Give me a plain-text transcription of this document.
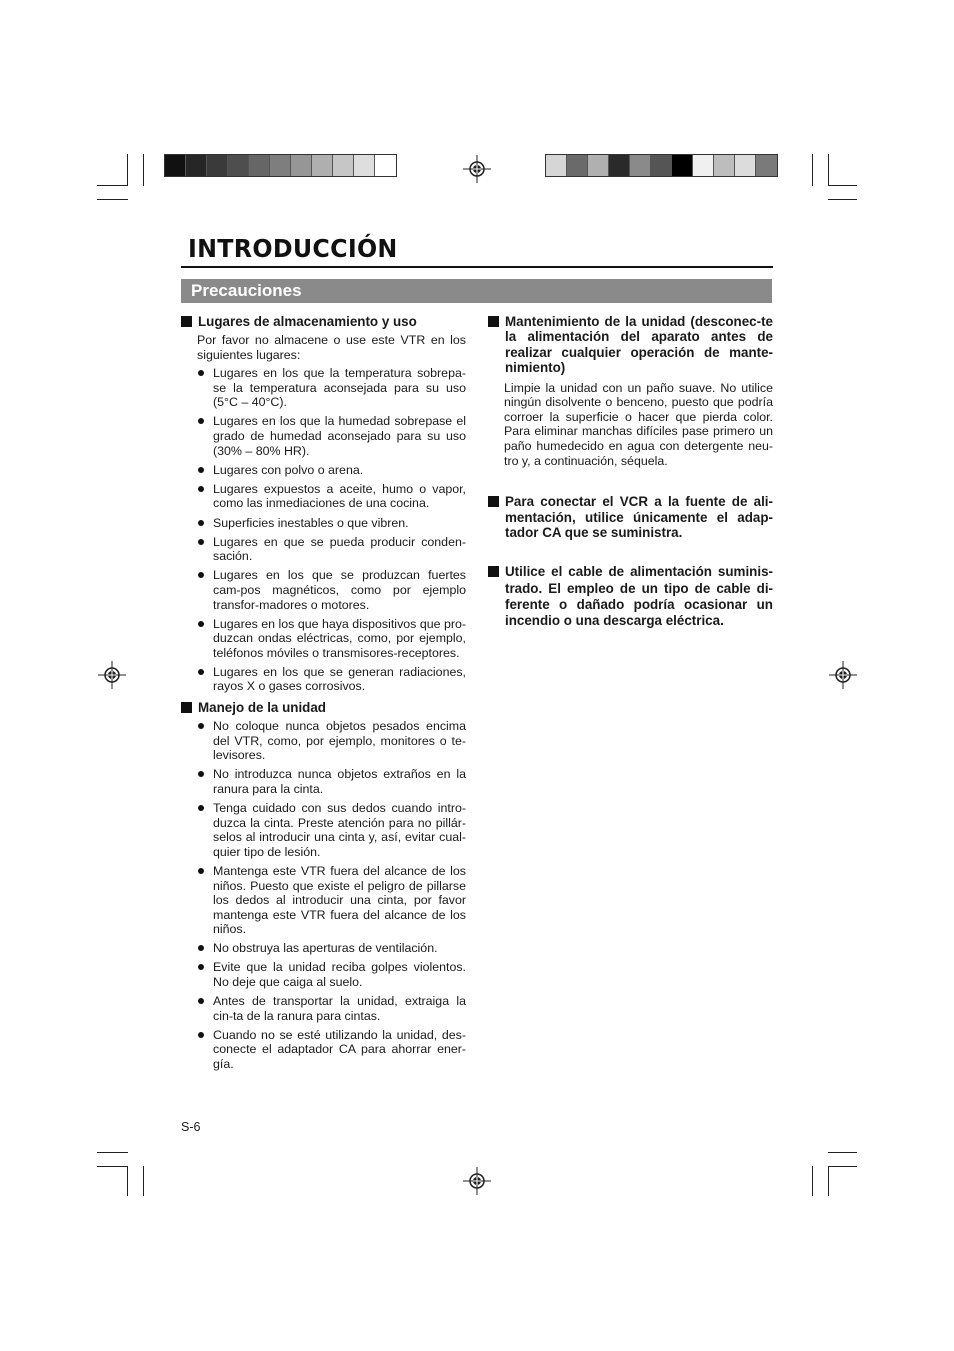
INTRODUCCIÓN
Precauciones
Lugares de almacenamiento y uso

Por favor no almacene o use este VTR en los siguientes lugares:

Lugares en los que la temperatura sobrepa-se la temperatura aconsejada para su uso (5°C – 40°C).
Lugares en los que la humedad sobrepase el grado de humedad aconsejado para su uso (30% – 80% HR).
Lugares con polvo o arena.
Lugares expuestos a aceite, humo o vapor, como las inmediaciones de una cocina.
Superficies inestables o que vibren.
Lugares en que se pueda producir conden-sación.
Lugares en los que se produzcan fuertes cam-pos magnéticos, como por ejemplo transfor-madores o motores.
Lugares en los que haya dispositivos que pro-duzcan ondas eléctricas, como, por ejemplo, teléfonos móviles o transmisores-receptores.
Lugares en los que se generan radiaciones, rayos X o gases corrosivos.
Manejo de la unidad
No coloque nunca objetos pesados encima del VTR, como, por ejemplo, monitores o te-levisores.
No introduzca nunca objetos extraños en la ranura para la cinta.
Tenga cuidado con sus dedos cuando intro-duzca la cinta. Preste atención para no pillár-selos al introducir una cinta y, así, evitar cual-quier tipo de lesión.
Mantenga este VTR fuera del alcance de los niños. Puesto que existe el peligro de pillarse los dedos al introducir una cinta, por favor mantenga este VTR fuera del alcance de los niños.
No obstruya las aperturas de ventilación.
Evite que la unidad reciba golpes violentos. No deje que caiga al suelo.
Antes de transportar la unidad, extraiga la cin-ta de la ranura para cintas.
Cuando no se esté utilizando la unidad, des-conecte el adaptador CA para ahorrar ener-gía.
Mantenimiento de la unidad (desconec-te la alimentación del aparato antes de realizar cualquier operación de mante-nimiento)

Limpie la unidad con un paño suave. No utilice ningún disolvente o benceno, puesto que podría corroer la superficie o hacer que pierda color. Para eliminar manchas difíciles pase primero un paño humedecido en agua con detergente neu-tro y, a continuación, séquela.

Para conectar el VCR a la fuente de ali-mentación, utilice únicamente el adap-tador CA que se suministra.
Utilice el cable de alimentación suminis-trado. El empleo de un tipo de cable di-ferente o dañado podría ocasionar un incendio o una descarga eléctrica.
S-6
